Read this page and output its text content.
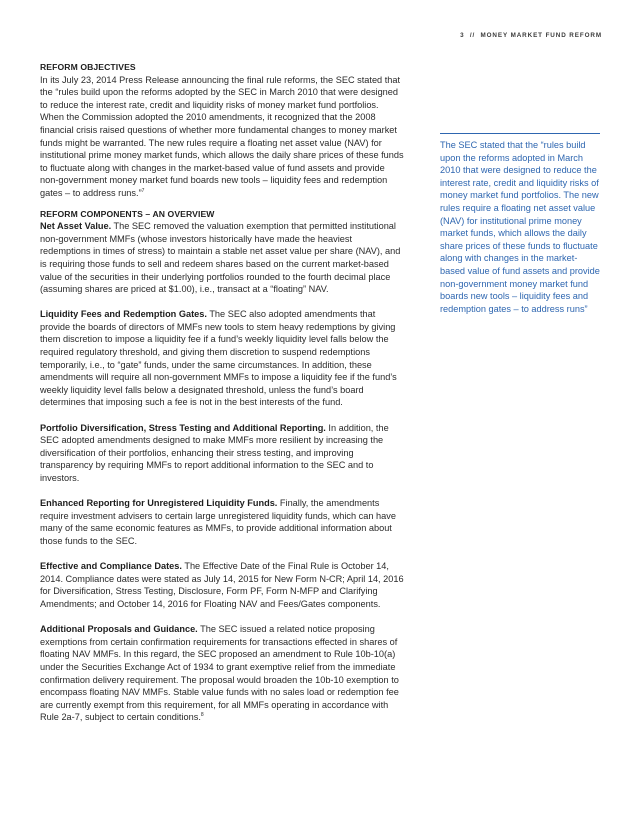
3 // MONEY MARKET FUND REFORM
REFORM OBJECTIVES

In its July 23, 2014 Press Release announcing the final rule reforms, the SEC stated that the “rules build upon the reforms adopted by the SEC in March 2010 that were designed to reduce the interest rate, credit and liquidity risks of money market fund portfolios. When the Commission adopted the 2010 amendments, it recognized that the 2008 financial crisis raised questions of whether more fundamental changes to money market funds might be warranted. The new rules require a floating net asset value (NAV) for institutional prime money market funds, which allows the daily share prices of these funds to fluctuate along with changes in the market-based value of fund assets and provide non-government money market fund boards new tools – liquidity fees and redemption gates – to address runs.”$^7$

REFORM COMPONENTS – AN OVERVIEW

Net Asset Value. The SEC removed the valuation exemption that permitted institutional non-government MMFs (whose investors historically have made the heaviest redemptions in times of stress) to maintain a stable net asset value per share (NAV), and is requiring those funds to sell and redeem shares based on the current market-based value of the securities in their underlying portfolios rounded to the fourth decimal place (assuming shares are priced at $1.00), i.e., transact at a “floating” NAV.

Liquidity Fees and Redemption Gates. The SEC also adopted amendments that provide the boards of directors of MMFs new tools to stem heavy redemptions by giving them discretion to impose a liquidity fee if a fund’s weekly liquidity level falls below the required regulatory threshold, and giving them discretion to suspend redemptions temporarily, i.e., to “gate” funds, under the same circumstances. In addition, these amendments will require all non-government MMFs to impose a liquidity fee if the fund’s weekly liquidity level falls below a designated threshold, unless the fund’s board determines that imposing such a fee is not in the best interests of the fund.

Portfolio Diversification, Stress Testing and Additional Reporting. In addition, the SEC adopted amendments designed to make MMFs more resilient by increasing the diversification of their portfolios, enhancing their stress testing, and improving transparency by requiring MMFs to report additional information to the SEC and to investors.

Enhanced Reporting for Unregistered Liquidity Funds. Finally, the amendments require investment advisers to certain large unregistered liquidity funds, which can have many of the same economic features as MMFs, to provide additional information about those funds to the SEC.

Effective and Compliance Dates. The Effective Date of the Final Rule is October 14, 2014. Compliance dates were stated as July 14, 2015 for New Form N-CR; April 14, 2016 for Diversification, Stress Testing, Disclosure, Form PF, Form N-MFP and Clarifying Amendments; and October 14, 2016 for Floating NAV and Fees/Gates components.

Additional Proposals and Guidance. The SEC issued a related notice proposing exemptions from certain confirmation requirements for transactions effected in shares of floating NAV MMFs. In this regard, the SEC proposed an amendment to Rule 10b-10(a) under the Securities Exchange Act of 1934 to grant exemptive relief from the immediate confirmation delivery requirement. The proposal would broaden the 10b-10 exemption to encompass floating NAV MMFs. Stable value funds with no sales load or redemption fee are currently exempt from this requirement, for all MMFs operating in accordance with Rule 2a-7, subject to certain conditions.$^8$

The SEC stated that the “rules build upon the reforms adopted in March 2010 that were designed to reduce the interest rate, credit and liquidity risks of money market fund portfolios. The new rules require a floating net asset value (NAV) for institutional prime money market funds, which allows the daily share prices of these funds to fluctuate along with changes in the market-based value of fund assets and provide non-government money market fund boards new tools – liquidity fees and redemption gates – to address runs”
